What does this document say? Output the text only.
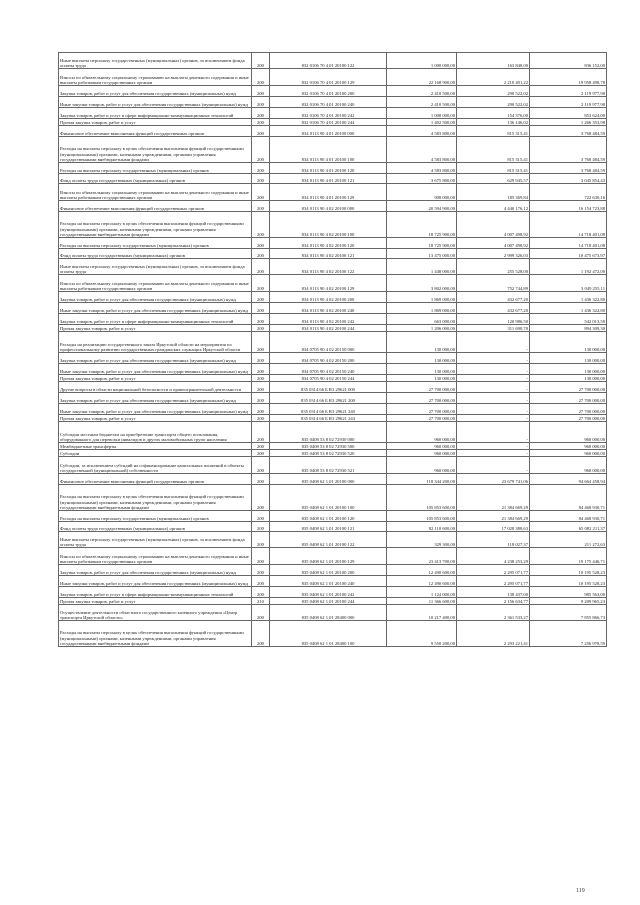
Иные выплаты персоналу государственных (муниципальных) органов, за исключением фонда оплаты труда	200	832 0106 70 4 01 20100 122	1 000 000,00	163 848,00	836 152,00

Взносы по обязательному социальному страхованию на выплаты денежного содержания и иные выплаты работникам государственных органов	200	832 0106 70 4 01 20100 129	22 168 900,00	2 210 401,22	19 958 498,78

Закупка товаров, работ и услуг для обеспечения государственных (муниципальных) нужд	200	832 0106 70 4 01 20100 200	2 410 500,00	290 522,02	2 119 977,98

Иные закупки товаров, работ и услуг для обеспечения государственных (муниципальных) нужд	200	832 0106 70 4 01 20100 240	2 410 500,00	290 522,02	2 119 977,98

Закупка товаров, работ и услуг в сфере информационно-коммуникационных технологий	200	832 0106 70 4 01 20100 242	1 008 000,00	154 376,00	853 624,00

Прочая закупка товаров, работ и услуг	200	832 0106 70 4 01 20100 244	1 402 500,00	136 146,02	1 266 353,98

Финансовое обеспечение выполнения функций государственных органов	200	834 0113 90 4 01 20100 000	4 583 800,00	815 315,41	3 768 484,59

Расходы на выплаты персоналу в целях обеспечения выполнения функций государственными (муниципальными) органами, казенными учреждениями, органами управления государственными внебюджетными фондами	200	834 0113 90 4 01 20100 100	4 583 800,00	815 315,41	3 768 484,59

Расходы на выплаты персоналу государственных (муниципальных) органов	200	834 0113 90 4 01 20100 120	4 583 800,00	815 315,41	3 768 484,59

Фонд оплаты труда государственных (муниципальных) органов	200	834 0113 90 4 01 20100 121	3 675 800,00	629 945,57	3 045 854,43

Взносы по обязательному социальному страхованию на выплаты денежного содержания и иные выплаты работникам государственных органов	200	834 0113 90 4 01 20100 129	908 000,00	185 369,84	722 630,16

Финансовое обеспечение выполнения функций государственных органов	200	834 0113 90 4 02 20100 000	20 594 900,00	4 440 176,12	16 154 723,88

Расходы на выплаты персоналу в целях обеспечения выполнения функций государственными (муниципальными) органами, казенными учреждениями, органами управления государственными внебюджетными фондами	200	834 0113 90 4 02 20100 100	18 725 900,00	4 007 498,92	14 718 401,08

Расходы на выплаты персоналу государственных (муниципальных) органов	200	834 0113 90 4 02 20100 120	18 725 900,00	4 007 498,92	14 718 401,08

Фонд оплаты труда государственных (муниципальных) органов	200	834 0113 90 4 02 20100 121	13 475 000,00	2 999 326,03	10 475 673,97

Иные выплаты персоналу государственных (муниципальных) органов, за исключением фонда оплаты труда	200	834 0113 90 4 02 20100 122	1 448 000,00	255 528,00	1 192 472,00

Взносы по обязательному социальному страхованию на выплаты денежного содержания и иные выплаты работникам государственных органов	200	834 0113 90 4 02 20100 129	3 802 000,00	752 744,89	3 049 255,11

Закупка товаров, работ и услуг для обеспечения государственных (муниципальных) нужд	200	834 0113 90 4 02 20100 200	1 869 000,00	432 677,20	1 436 322,80

Иные закупки товаров, работ и услуг для обеспечения государственных (муниципальных) нужд	200	834 0113 90 4 02 20100 240	1 869 000,00	432 677,20	1 436 322,80

Закупка товаров, работ и услуг в сфере информационно-коммуникационных технологий	200	834 0113 90 4 02 20100 242	663 000,00	120 986,50	542 013,50

Прочая закупка товаров, работ и услуг	200	834 0113 90 4 02 20100 244	1 206 000,00	311 690,70	894 309,30

Расходы на реализацию государственного заказа Иркутской области на мероприятия по профессиональному развитию государственных гражданских служащих Иркутской области	200	834 0705 90 4 02 20150 000	130 000,00	-	130 000,00

Закупка товаров, работ и услуг для обеспечения государственных (муниципальных) нужд	200	834 0705 90 4 02 20150 200	130 000,00	-	130 000,00

Иные закупки товаров, работ и услуг для обеспечения государственных (муниципальных) нужд	200	834 0705 90 4 02 20150 240	130 000,00	-	130 000,00

Прочая закупка товаров, работ и услуг	200	834 0705 90 4 02 20150 244	130 000,00	-	130 000,00

Другие вопросы в области национальной безопасности и правоохранительной деятельности	200	835 0314 66 Б R3 29621 000	27 700 000,00	-	27 700 000,00

Закупка товаров, работ и услуг для обеспечения государственных (муниципальных) нужд	200	835 0314 66 Б R3 29621 200	27 700 000,00	-	27 700 000,00

Иные закупки товаров, работ и услуг для обеспечения государственных (муниципальных) нужд	200	835 0314 66 Б R3 29621 240	27 700 000,00	-	27 700 000,00

Прочая закупка товаров, работ и услуг	200	835 0314 66 Б R3 29621 244	27 700 000,00	-	27 700 000,00

Субсидии местным бюджетам на приобретение транспорта общего пользования, оборудованного для перевозки инвалидов и других маломобильных групп населения	200	835 0408 53 8 02 72930 000	960 000,00	-	960 000,00

Межбюджетные трансферты	200	835 0408 53 8 02 72930 500	960 000,00	-	960 000,00

Субсидии	200	835 0408 53 8 02 72930 520	960 000,00	-	960 000,00

Субсидии, за исключением субсидий на софинансирование капитальных вложений в объекты государственной (муниципальной) собственности	200	835 0408 53 8 02 72930 521	960 000,00	-	960 000,00

Финансовое обеспечение выполнения функций государственных органов	200	835 0408 62 1 01 20100 000	118 344 200,00	23 679 741,06	94 664 458,94

Расходы на выплаты персоналу в целях обеспечения выполнения функций государственными (муниципальными) органами, казенными учреждениями, органами управления государственными внебюджетными фондами	200	835 0408 62 1 01 20100 100	105 853 600,00	21 384 669,29	84 468 930,71

Расходы на выплаты персоналу государственных (муниципальных) органов	200	835 0408 62 1 01 20100 120	105 853 600,00	21 384 669,29	84 468 930,71

Фонд оплаты труда государственных (муниципальных) органов	200	835 0408 62 1 01 20100 121	82 110 600,00	17 028 388,63	65 082 211,37

Иные выплаты персоналу государственных (муниципальных) органов, за исключением фонда оплаты труда	200	835 0408 62 1 01 20100 122	329 300,00	118 027,37	211 272,63

Взносы по обязательному социальному страхованию на выплаты денежного содержания и иные выплаты работникам государственных органов	200	835 0408 62 1 01 20100 129	23 413 700,00	4 238 253,29	19 175 446,71

Закупка товаров, работ и услуг для обеспечения государственных (муниципальных) нужд	200	835 0408 62 1 01 20100 200	12 490 600,00	2 295 071,77	10 195 528,23

Иные закупки товаров, работ и услуг для обеспечения государственных (муниципальных) нужд	200	835 0408 62 1 01 20100 240	12 490 600,00	2 295 071,77	10 195 528,23

Закупка товаров, работ и услуг в сфере информационно-коммуникационных технологий	200	835 0408 62 1 01 20100 242	1 124 000,00	138 437,00	985 563,00

Прочая закупка товаров, работ и услуг	210	835 0408 62 1 01 20100 244	11 366 600,00	2 156 634,77	9 209 965,23

Осуществление деятельности областного государственного казенного учреждения «Центр транспорта Иркутской области»	200	835 0408 62 1 01 28400 000	10 217 400,00	2 361 533,27	7 855 866,73

Расходы на выплаты персоналу в целях обеспечения выполнения функций государственными (муниципальными) органами, казенными учреждениями, органами управления государственными внебюджетными фондами	200	835 0408 62 1 01 28400 100	9 550 200,00	2 293 221,41	7 256 978,59
119
